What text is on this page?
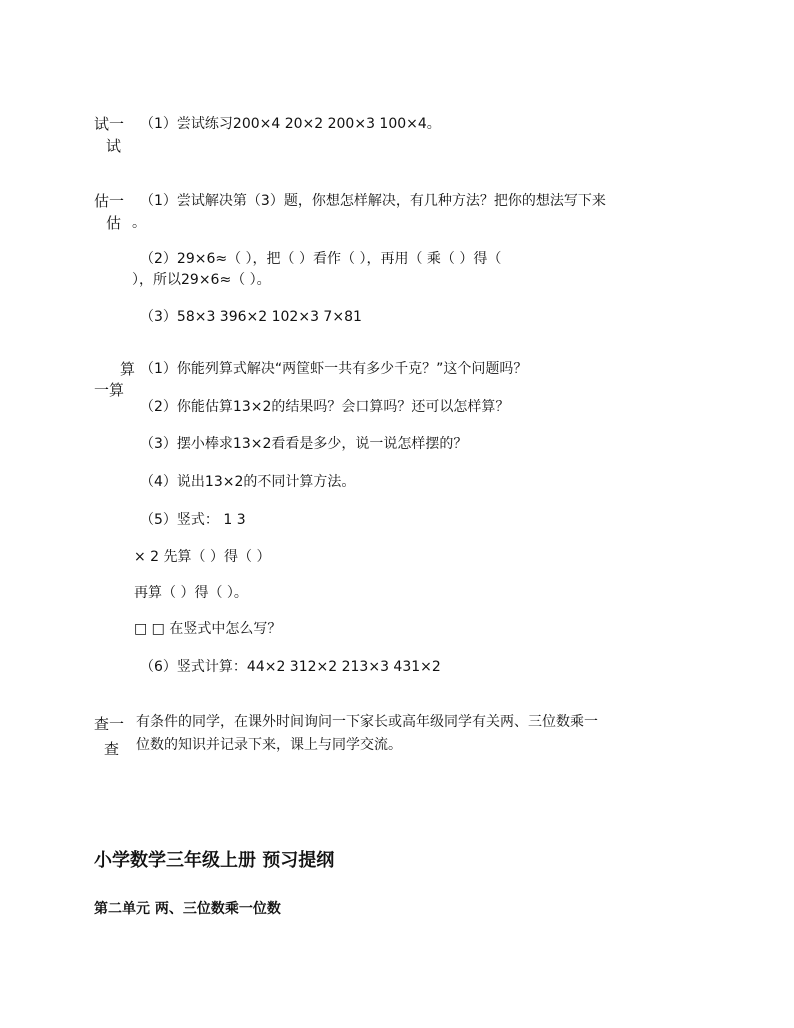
试一
试
（1）尝试练习200×4 20×2 200×3 100×4。
估一
估
（1）尝试解决第（3）题，你想怎样解决，有几种方法？把你的想法写下来
。
（2）29×6≈（ ），把（ ）看作（ ），再用（ 乘（ ）得（
），所以29×6≈（ ）。
（3）58×3 396×2 102×3 7×81
算
一算
（1）你能列算式解决“两筐虾一共有多少千克？”这个问题吗？
（2）你能估算13×2的结果吗？会口算吗？还可以怎样算？
（3）摆小棒求13×2看看是多少，说一说怎样摆的？
（4）说出13×2的不同计算方法。
（5）竖式： 1 3
× 2 先算（ ）得（ ）
再算（ ）得（ ）。
□ □ 在竖式中怎么写？
（6）竖式计算：44×2 312×2 213×3 431×2
查一
查
有条件的同学，在课外时间询问一下家长或高年级同学有关两、三位数乘一
位数的知识并记录下来，课上与同学交流。
小学数学三年级上册 预习提纲
第二单元 两、三位数乘一位数
